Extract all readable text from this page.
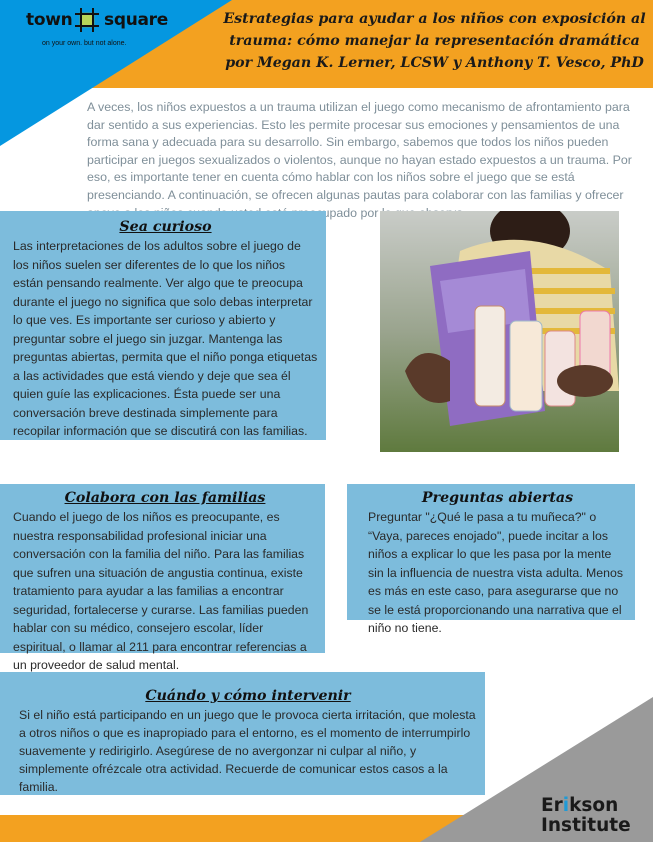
town square
on your own. but not alone.
Estrategias para ayudar a los niños con exposición al
trauma: cómo manejar la representación dramática
por Megan K. Lerner, LCSW y Anthony T. Vesco, PhD

A veces, los niños expuestos a un trauma utilizan el juego como mecanismo de afrontamiento para dar sentido a sus experiencias. Esto les permite procesar sus emociones y pensamientos de una forma sana y adecuada para su desarrollo. Sin embargo, sabemos que todos los niños pueden participar en juegos sexualizados o violentos, aunque no hayan estado expuestos a un trauma. Por eso, es importante tener en cuenta cómo hablar con los niños sobre el juego que se está presenciando. A continuación, se ofrecen algunas pautas para colaborar con las familias y ofrecer por

Sea curioso

Las interpretaciones de los adultos sobre el juego de los niños suelen ser diferentes de lo que los niños están pensando realmente. Ver algo que te preocupa durante el juego no significa que solo debas interpretar lo que ves. Es importante ser curioso y abierto y preguntar sobre el juego sin juzgar. Mantenga las preguntas abiertas, permita que el niño ponga etiquetas a las actividades que está viendo y deje que sea él quien guíe las explicaciones. Ésta puede ser una conversación breve destinada simplemente para recopilar información que se discutirá con las familias.

Colabora con las familias

Cuando el juego de los niños es preocupante, es nuestra responsabilidad profesional iniciar una conversación con la familia del niño. Para las familias que sufren una situación de angustia continua, existe tratamiento para ayudar a las familias a encontrar seguridad, fortalecerse y curarse. Las familias pueden hablar con su médico, consejero escolar, líder espiritual, o llamar al 211 para encontrar referencias a un proveedor de salud mental.

Preguntas abiertas

Preguntar "¿Qué le pasa a tu muñeca?" o “Vaya, pareces enojado", puede incitar a los niños a explicar lo que les pasa por la mente sin la influencia de nuestra vista adulta. Menos es más en este caso, para asegurarse que no se le está proporcionando una narrativa que el niño no tiene.

Cuándo y cómo intervenir

Si el niño está participando en un juego que le provoca cierta irritación, que molesta a otros niños o que es inapropiado para el entorno, es el momento de interrumpirlo suavemente y redirigirlo. Asegúrese de no avergonzar ni culpar al niño, y simplemente ofrézcale otra actividad. Recuerde de comunicar estos casos a la familia.

Erikson
Institute
